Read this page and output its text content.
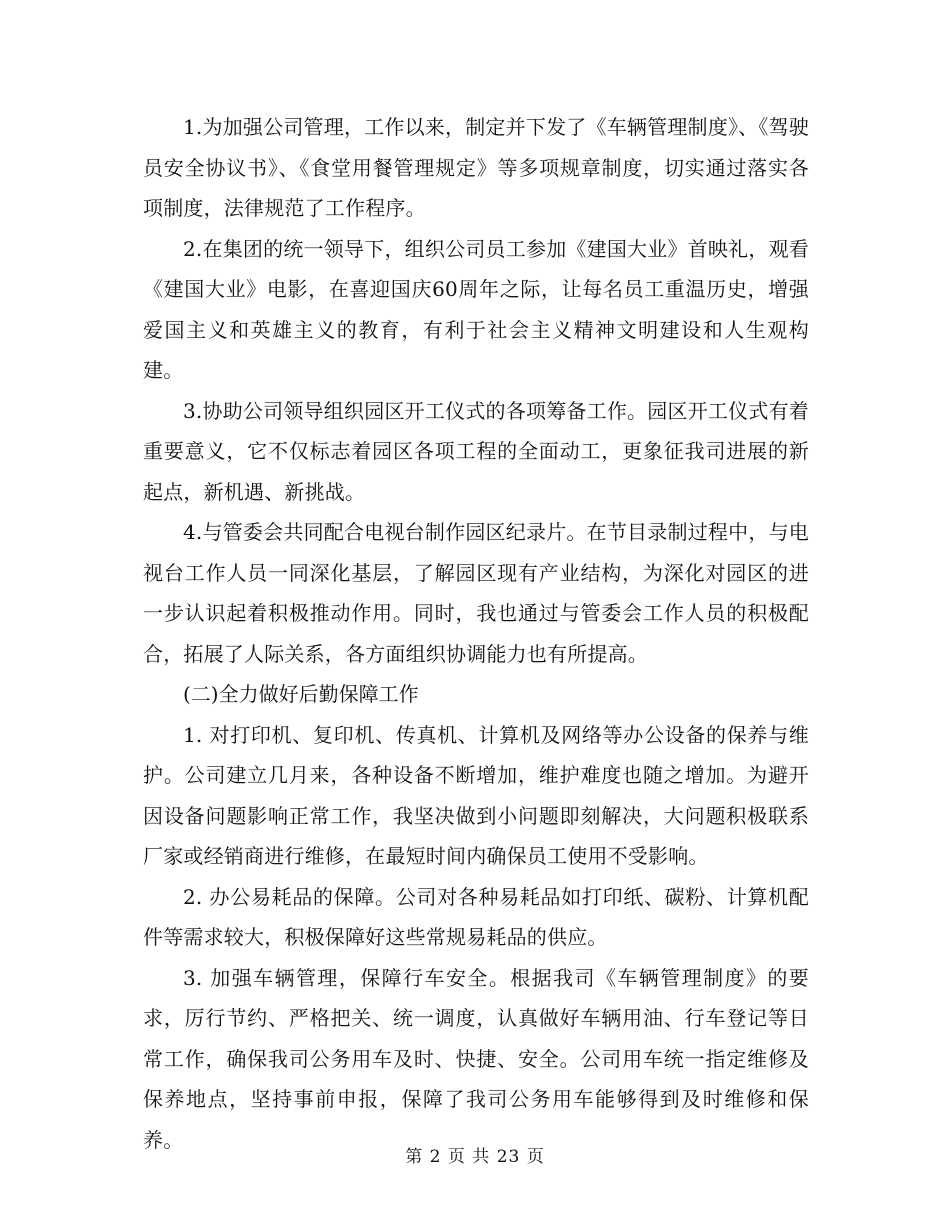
1.为加强公司管理，工作以来，制定并下发了《车辆管理制度》、《驾驶员安全协议书》、《食堂用餐管理规定》等多项规章制度，切实通过落实各项制度，法律规范了工作程序。

2.在集团的统一领导下，组织公司员工参加《建国大业》首映礼，观看《建国大业》电影，在喜迎国庆60周年之际，让每名员工重温历史，增强爱国主义和英雄主义的教育，有利于社会主义精神文明建设和人生观构建。

3.协助公司领导组织园区开工仪式的各项筹备工作。园区开工仪式有着重要意义，它不仅标志着园区各项工程的全面动工，更象征我司进展的新起点，新机遇、新挑战。

4.与管委会共同配合电视台制作园区纪录片。在节目录制过程中，与电视台工作人员一同深化基层，了解园区现有产业结构，为深化对园区的进一步认识起着积极推动作用。同时，我也通过与管委会工作人员的积极配合，拓展了人际关系，各方面组织协调能力也有所提高。

(二)全力做好后勤保障工作

1. 对打印机、复印机、传真机、计算机及网络等办公设备的保养与维护。公司建立几月来，各种设备不断增加，维护难度也随之增加。为避开因设备问题影响正常工作，我坚决做到小问题即刻解决，大问题积极联系厂家或经销商进行维修，在最短时间内确保员工使用不受影响。

2. 办公易耗品的保障。公司对各种易耗品如打印纸、碳粉、计算机配件等需求较大，积极保障好这些常规易耗品的供应。

3. 加强车辆管理，保障行车安全。根据我司《车辆管理制度》的要求，厉行节约、严格把关、统一调度，认真做好车辆用油、行车登记等日常工作，确保我司公务用车及时、快捷、安全。公司用车统一指定维修及保养地点，坚持事前申报，保障了我司公务用车能够得到及时维修和保养。

第 2 页 共 23 页
